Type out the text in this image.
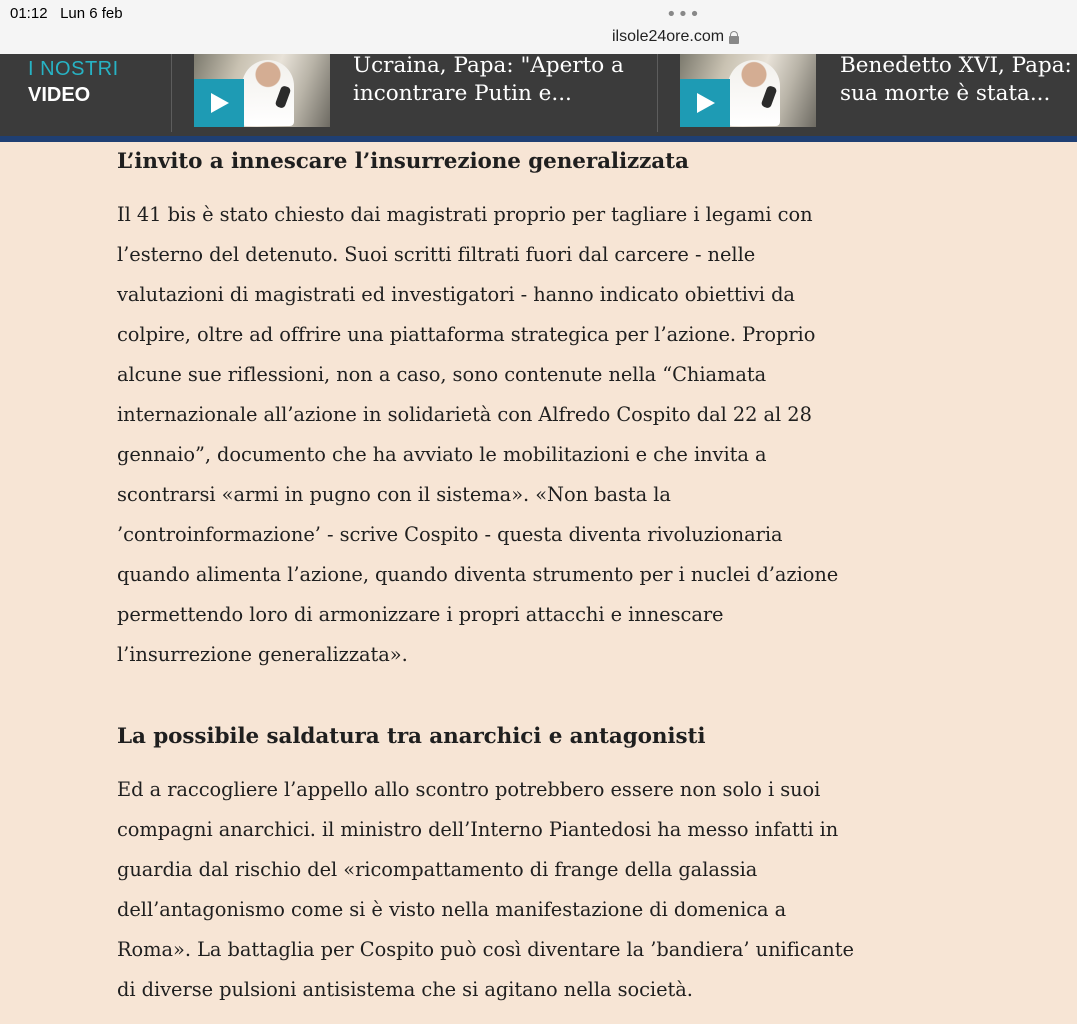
01:12 Lun 6 feb	•••
ilsole24ore.com
I NOSTRI
VIDEO
Ucraina, Papa: "Aperto a
incontrare Putin e...
Benedetto XVI, Papa:
sua morte è stata...
L’invito a innescare l’insurrezione generalizzata
Il 41 bis è stato chiesto dai magistrati proprio per tagliare i legami con
l’esterno del detenuto. Suoi scritti filtrati fuori dal carcere - nelle
valutazioni di magistrati ed investigatori - hanno indicato obiettivi da
colpire, oltre ad offrire una piattaforma strategica per l’azione. Proprio
alcune sue riflessioni, non a caso, sono contenute nella “Chiamata
internazionale all’azione in solidarietà con Alfredo Cospito dal 22 al 28
gennaio”, documento che ha avviato le mobilitazioni e che invita a
scontrarsi «armi in pugno con il sistema». «Non basta la
’controinformazione’ - scrive Cospito - questa diventa rivoluzionaria
quando alimenta l’azione, quando diventa strumento per i nuclei d’azione
permettendo loro di armonizzare i propri attacchi e innescare
l’insurrezione generalizzata».
La possibile saldatura tra anarchici e antagonisti
Ed a raccogliere l’appello allo scontro potrebbero essere non solo i suoi
compagni anarchici. il ministro dell’Interno Piantedosi ha messo infatti in
guardia dal rischio del «ricompattamento di frange della galassia
dell’antagonismo come si è visto nella manifestazione di domenica a
Roma». La battaglia per Cospito può così diventare la ’bandiera’ unificante
di diverse pulsioni antisistema che si agitano nella società.
